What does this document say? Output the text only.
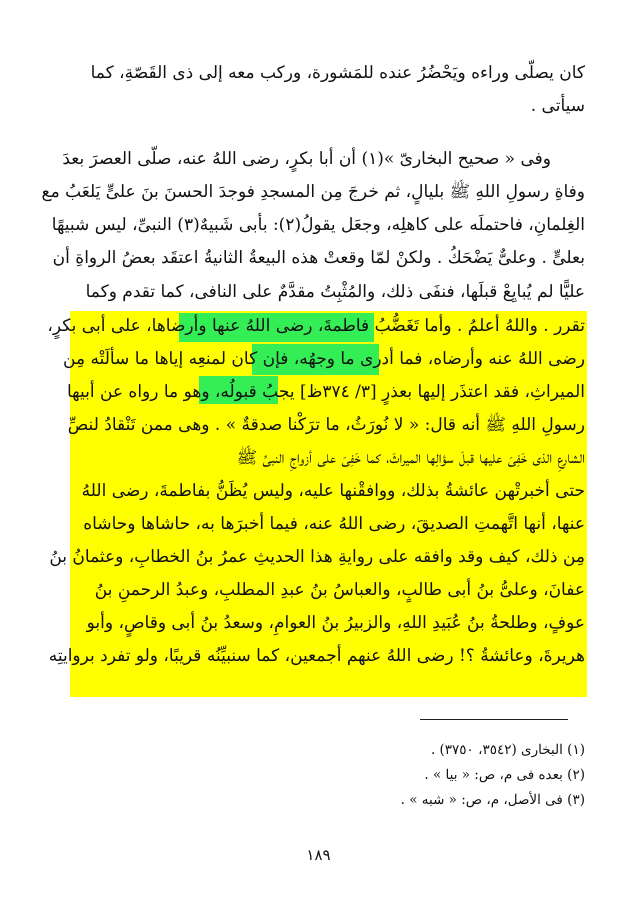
كان يصلّى وراءه ويَحْضُرُ عنده للمَشورة، وركب معه إلى ذى القَصّةِ، كما
سيأتى .
وفى « صحيح البخارىّ »(١) أن أبا بكرٍ، رضى اللهُ عنه، صلّى العصرَ بعدَ
وفاةِ رسولِ اللهِ ﷺ بليالٍ، ثم خرجَ مِن المسجدِ فوجدَ الحسنَ بنَ علىٍّ يَلعَبُ مع
الغِلمانِ، فاحتملَه على كاهلِه، وجعَل يقولُ(٢): بأبى شَبيهٌ(٣) النبىِّ، ليس شبيهًا
بعلىٍّ . وعلىٌّ يَضْحَكُ . ولكنْ لمّا وقعتْ هذه البيعةُ الثانيةُ اعتقَد بعضُ الرواةِ أن
عليًّا لم يُبايِعْ قبلَها، فنفَى ذلك، والمُثْبِتُ مقدَّمٌ على النافى، كما تقدم وكما
تقرر . واللهُ أعلمُ . وأما تَغَضُّبُ فاطمةَ، رضى اللهُ عنها وأرضاها، على أبى بكرٍ،
رضى اللهُ عنه وأرضاه، فما أدرى ما وجهُه، فإن كان لمنعِه إياها ما سألَتْه مِن
الميراثِ، فقد اعتذَر إليها بعذرٍ [٣/ ٣٧٤ظ] يجبُ قبولُه، وهو ما رواه عن أبيها
رسولِ اللهِ ﷺ أنه قال: « لا نُورَثُ، ما ترَكْنا صدقةٌ » . وهى ممن تَنْقادُ لنصِّ
الشارعِ الذى خَفِىَ عليها قبلَ سؤالِها الميراثَ، كما خَفِىَ على أزواجِ النبىِّ ﷺ
حتى أخبرتْهن عائشةُ بذلك، ووافقْنها عليه، وليس يُظَنُّ بفاطمةَ، رضى اللهُ
عنها، أنها اتَّهمتِ الصديقَ، رضى اللهُ عنه، فيما أخبرَها به، حاشاها وحاشاه
مِن ذلك، كيف وقد وافقه على روايةِ هذا الحديثِ عمرُ بنُ الخطابِ، وعثمانُ بنُ
عفانَ، وعلىُّ بنُ أبى طالبٍ، والعباسُ بنُ عبدِ المطلبِ، وعبدُ الرحمنِ بنُ
عوفٍ، وطلحةُ بنُ عُبَيدِ اللهِ، والزبيرُ بنُ العوامِ، وسعدُ بنُ أبى وقاصٍ، وأبو
هريرةَ، وعائشةُ ؟! رضى اللهُ عنهم أجمعين، كما سنبيِّنُه قريبًا، ولو تفرد بروايتِه
(١) البخارى (٣٥٤٢، ٣٧٥٠) .
(٢) بعده فى م، ص: « بيا » .
(٣) فى الأصل، م، ص: « شبه » .
١٨٩
